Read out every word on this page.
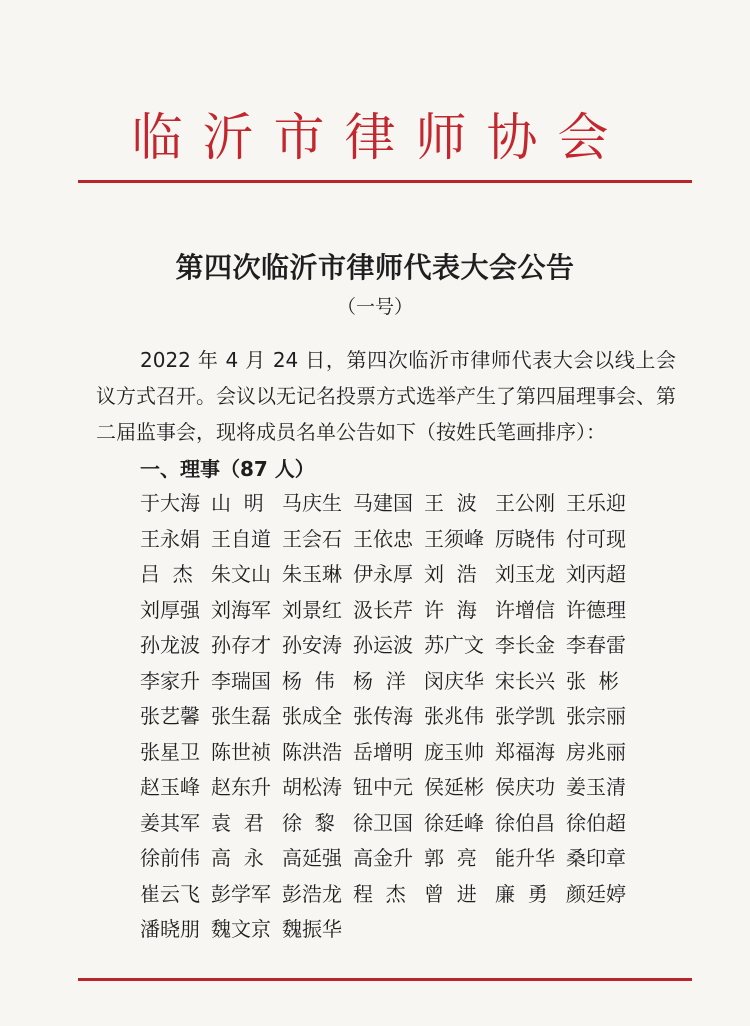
临沂市律师协会
第四次临沂市律师代表大会公告
（一号）
2022 年 4 月 24 日，第四次临沂市律师代表大会以线上会议方式召开。会议以无记名投票方式选举产生了第四届理事会、第二届监事会，现将成员名单公告如下（按姓氏笔画排序）：
一、理事（87 人）
于大海 山  明 马庆生 马建国 王  波 王公刚 王乐迎
王永娟 王自道 王会石 王依忠 王须峰 厉晓伟 付可现
吕  杰 朱文山 朱玉琳 伊永厚 刘  浩 刘玉龙 刘丙超
刘厚强 刘海军 刘景红 汲长芹 许  海 许增信 许德理
孙龙波 孙存才 孙安涛 孙运波 苏广文 李长金 李春雷
李家升 李瑞国 杨  伟 杨  洋 闵庆华 宋长兴 张  彬
张艺馨 张生磊 张成全 张传海 张兆伟 张学凯 张宗丽
张星卫 陈世祯 陈洪浩 岳增明 庞玉帅 郑福海 房兆丽
赵玉峰 赵东升 胡松涛 钮中元 侯延彬 侯庆功 姜玉清
姜其军 袁  君 徐  黎 徐卫国 徐廷峰 徐伯昌 徐伯超
徐前伟 高  永 高延强 高金升 郭  亮 能升华 桑印章
崔云飞 彭学军 彭浩龙 程  杰 曾  进 廉  勇 颜廷婷
潘晓朋 魏文京 魏振华
